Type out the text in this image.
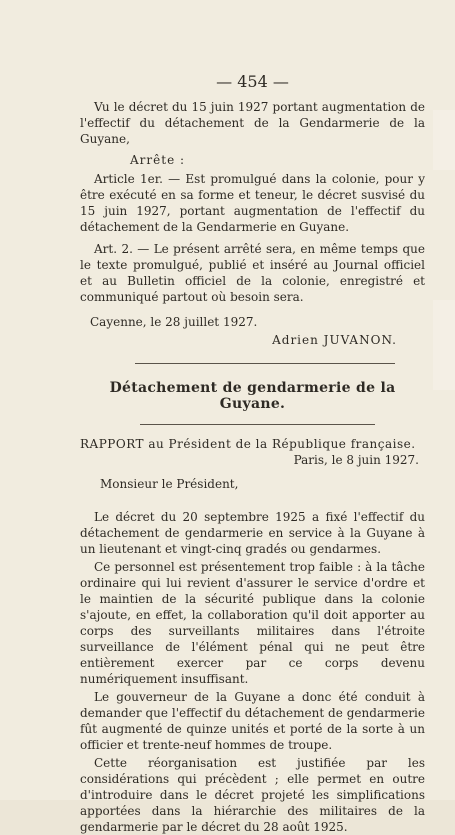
— 454 —

Vu le décret du 15 juin 1927 portant augmentation de l'effectif du détachement de la Gendarmerie de la Guyane,

Arrête :

Article 1er. — Est promulgué dans la colonie, pour y être exécuté en sa forme et teneur, le décret susvisé du 15 juin 1927, portant augmentation de l'effectif du détachement de la Gendarmerie en Guyane.

Art. 2. — Le présent arrêté sera, en même temps que le texte promulgué, publié et inséré au Journal officiel et au Bulletin officiel de la colonie, enregistré et communiqué partout où besoin sera.

Cayenne, le 28 juillet 1927.
Adrien JUVANON.
Détachement de gendarmerie de la Guyane.
RAPPORT au Président de la République française.
Paris, le 8 juin 1927.
Monsieur le Président,

Le décret du 20 septembre 1925 a fixé l'effectif du détachement de gendarmerie en service à la Guyane à un lieutenant et vingt-cinq gradés ou gendarmes.

Ce personnel est présentement trop faible : à la tâche ordinaire qui lui revient d'assurer le service d'ordre et le maintien de la sécurité publique dans la colonie s'ajoute, en effet, la collaboration qu'il doit apporter au corps des surveillants militaires dans l'étroite surveillance de l'élément pénal qui ne peut être entièrement exercer par ce corps devenu numériquement insuffisant.

Le gouverneur de la Guyane a donc été conduit à demander que l'effectif du détachement de gendarmerie fût augmenté de quinze unités et porté de la sorte à un officier et trente-neuf hommes de troupe.

Cette réorganisation est justifiée par les considérations qui précèdent ; elle permet en outre d'introduire dans le décret projeté les simplifications apportées dans la hiérarchie des militaires de la gendarmerie par le décret du 28 août 1925.
